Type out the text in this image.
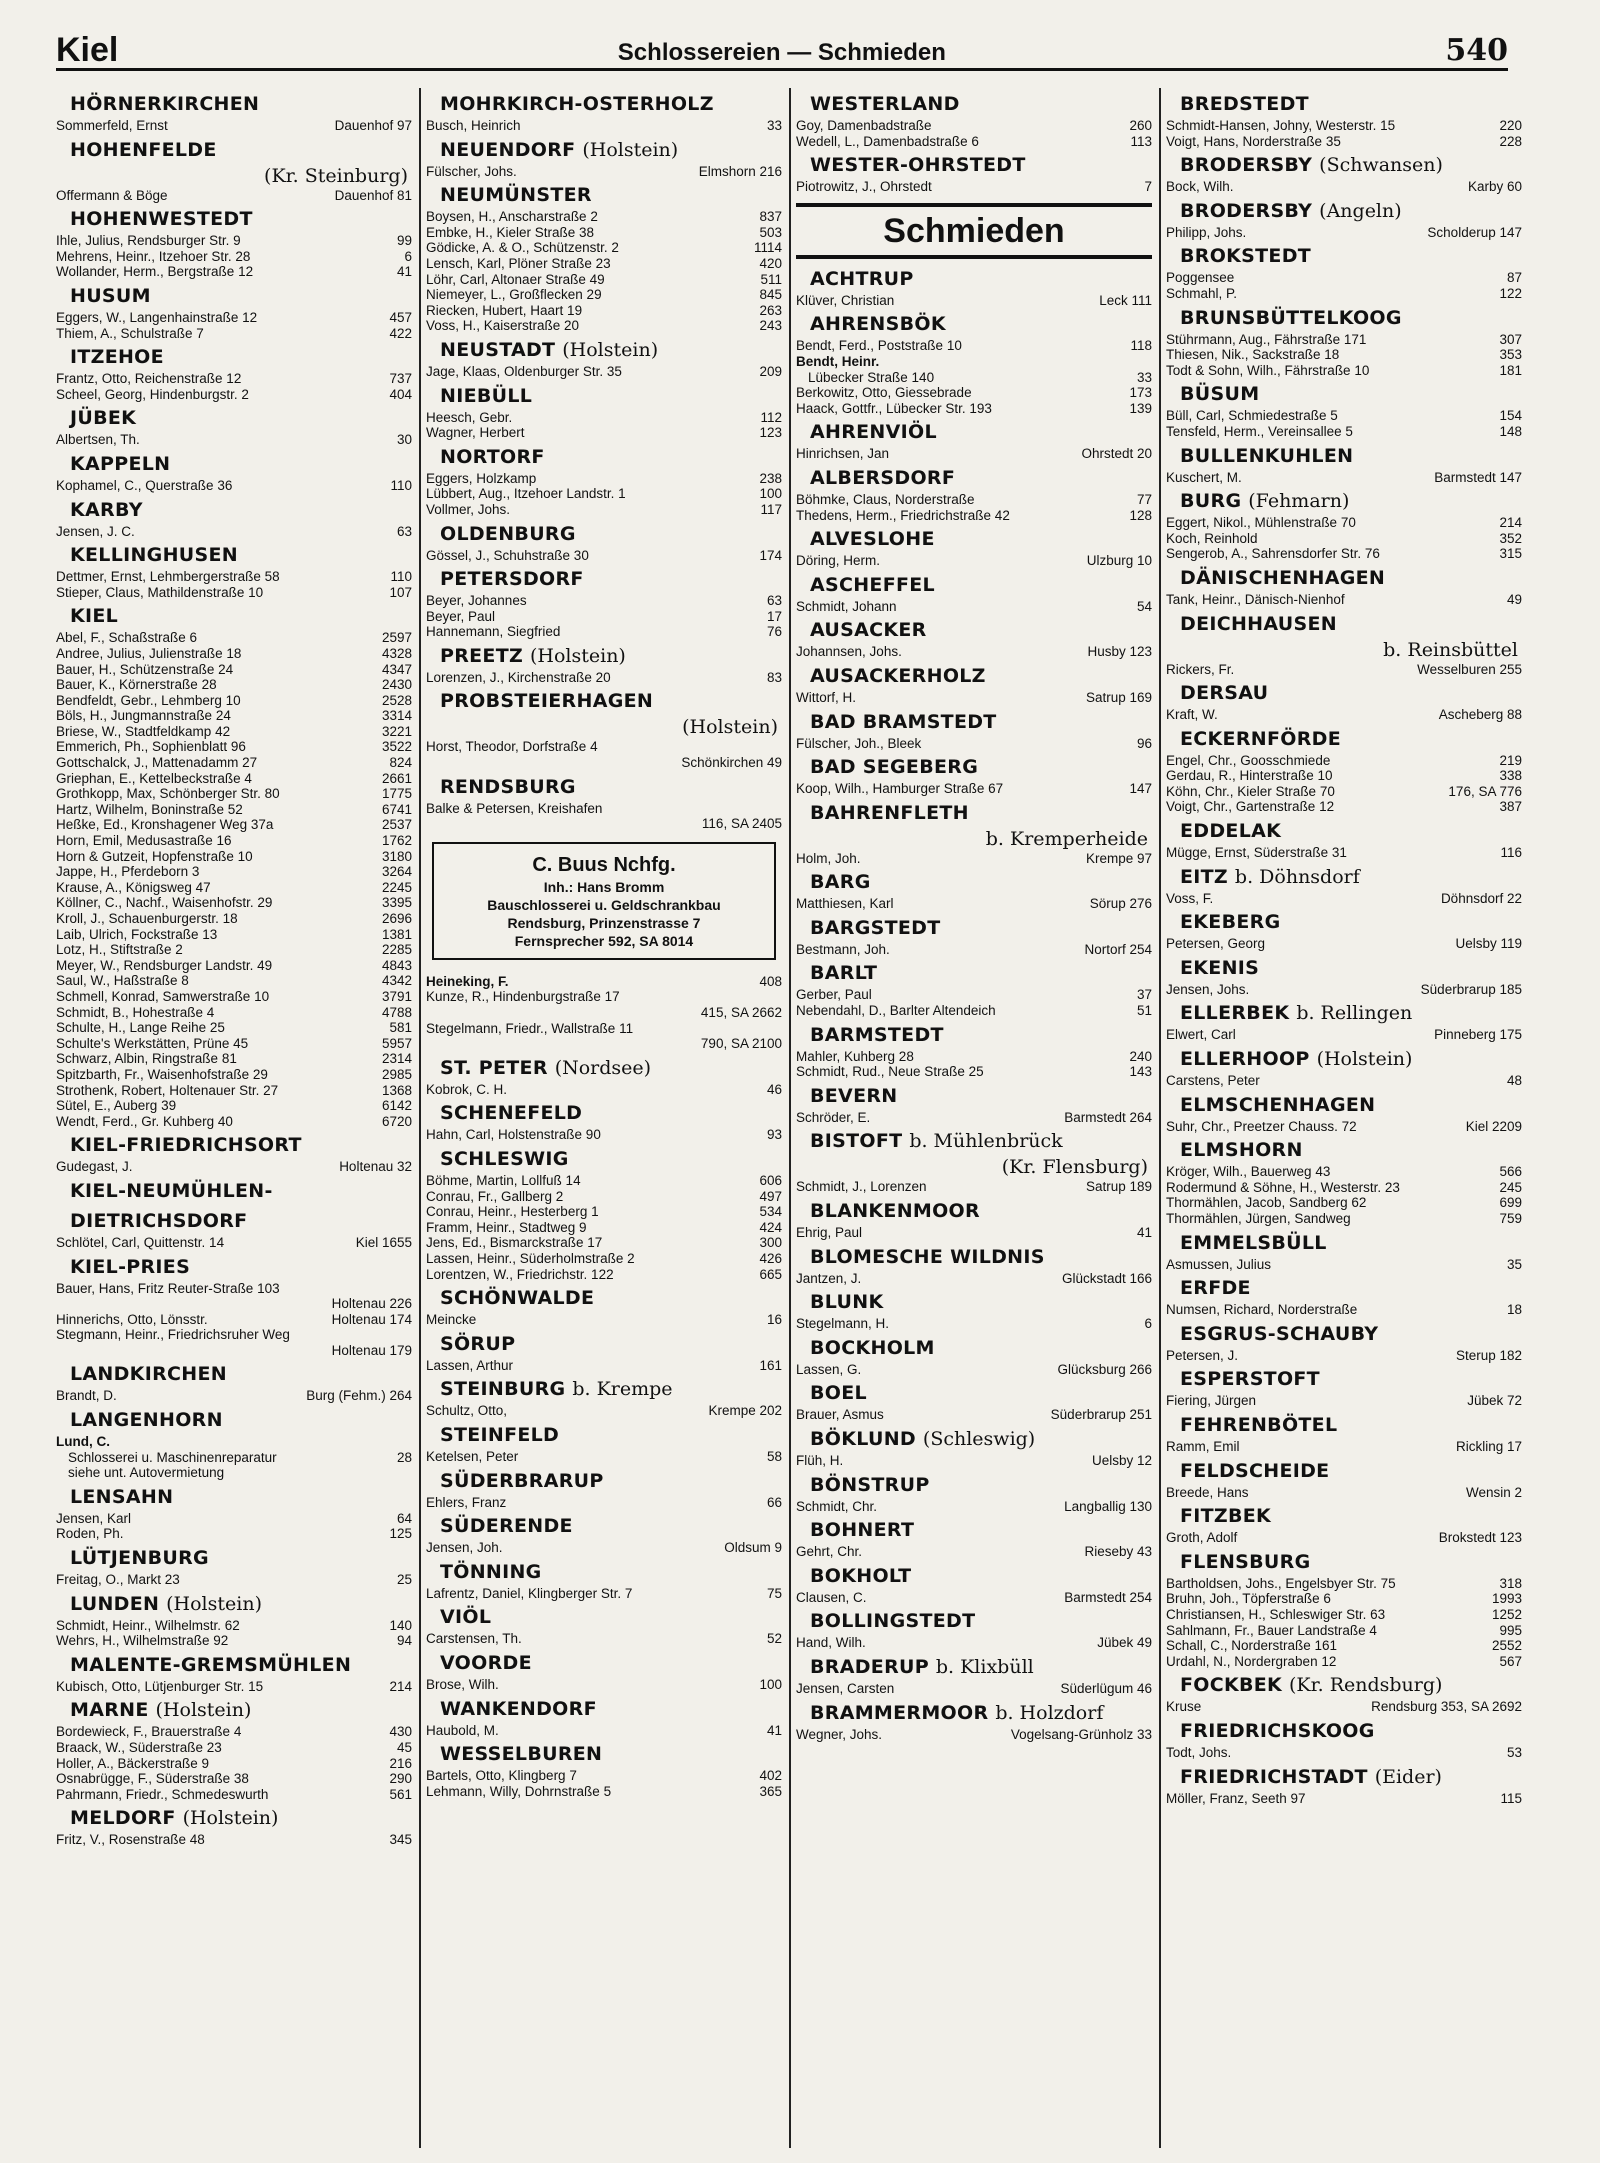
Kiel	Schlossereien — Schmieden	540
HÖRNERKIRCHEN
Sommerfeld, Ernst	Dauenhof 97
HOHENFELDE
(Kr. Steinburg)
Offermann & Böge	Dauenhof 81
HOHENWESTEDT
Ihle, Julius, Rendsburger Str. 9	99
Mehrens, Heinr., Itzehoer Str. 28	6
Wollander, Herm., Bergstraße 12	41
HUSUM
Eggers, W., Langenhainstraße 12	457
Thiem, A., Schulstraße 7	422
ITZEHOE
Frantz, Otto, Reichenstraße 12	737
Scheel, Georg, Hindenburgstr. 2	404
JÜBEK
Albertsen, Th.	30
KAPPELN
Kophamel, C., Querstraße 36	110
KARBY
Jensen, J. C.	63
KELLINGHUSEN
Dettmer, Ernst, Lehmbergerstraße 58	110
Stieper, Claus, Mathildenstraße 10	107
KIEL
Abel, F., Schaßstraße 6	2597
Andree, Julius, Julienstraße 18	4328
Bauer, H., Schützenstraße 24	4347
Bauer, K., Körnerstraße 28	2430
Bendfeldt, Gebr., Lehmberg 10	2528
Böls, H., Jungmannstraße 24	3314
Briese, W., Stadtfeldkamp 42	3221
Emmerich, Ph., Sophienblatt 96	3522
Gottschalck, J., Mattenadamm 27	824
Griephan, E., Kettelbeckstraße 4	2661
Grothkopp, Max, Schönberger Str. 80	1775
Hartz, Wilhelm, Boninstraße 52	6741
Heßke, Ed., Kronshagener Weg 37a	2537
Horn, Emil, Medusastraße 16	1762
Horn & Gutzeit, Hopfenstraße 10	3180
Jappe, H., Pferdeborn 3	3264
Krause, A., Königsweg 47	2245
Köllner, C., Nachf., Waisenhofstr. 29	3395
Kroll, J., Schauenburgerstr. 18	2696
Laib, Ulrich, Fockstraße 13	1381
Lotz, H., Stiftstraße 2	2285
Meyer, W., Rendsburger Landstr. 49	4843
Saul, W., Haßstraße 8	4342
Schmell, Konrad, Samwerstraße 10	3791
Schmidt, B., Hohestraße 4	4788
Schulte, H., Lange Reihe 25	581
Schulte's Werkstätten, Prüne 45	5957
Schwarz, Albin, Ringstraße 81	2314
Spitzbarth, Fr., Waisenhofstraße 29	2985
Strothenk, Robert, Holtenauer Str. 27	1368
Sütel, E., Auberg 39	6142
Wendt, Ferd., Gr. Kuhberg 40	6720
KIEL-FRIEDRICHSORT
Gudegast, J.	Holtenau 32
KIEL-NEUMÜHLEN-
DIETRICHSDORF
Schlötel, Carl, Quittenstr. 14	Kiel 1655
KIEL-PRIES
Bauer, Hans, Fritz Reuter-Straße 103
Holtenau 226
Hinnerichs, Otto, Lönsstr.	Holtenau 174
Stegmann, Heinr., Friedrichsruher Weg
Holtenau 179
LANDKIRCHEN
Brandt, D.	Burg (Fehm.) 264
LANGENHORN
Lund, C.
Schlosserei u. Maschinenreparatur	28
siehe unt. Autovermietung
LENSAHN
Jensen, Karl	64
Roden, Ph.	125
LÜTJENBURG
Freitag, O., Markt 23	25
LUNDEN (Holstein)
Schmidt, Heinr., Wilhelmstr. 62	140
Wehrs, H., Wilhelmstraße 92	94
MALENTE-GREMSMÜHLEN
Kubisch, Otto, Lütjenburger Str. 15	214
MARNE (Holstein)
Bordewieck, F., Brauerstraße 4	430
Braack, W., Süderstraße 23	45
Holler, A., Bäckerstraße 9	216
Osnabrügge, F., Süderstraße 38	290
Pahrmann, Friedr., Schmedeswurth	561
MELDORF (Holstein)
Fritz, V., Rosenstraße 48	345
MOHRKIRCH-OSTERHOLZ
Busch, Heinrich	33
NEUENDORF (Holstein)
Fülscher, Johs.	Elmshorn 216
NEUMÜNSTER
Boysen, H., Anscharstraße 2	837
Embke, H., Kieler Straße 38	503
Gödicke, A. & O., Schützenstr. 2	1114
Lensch, Karl, Plöner Straße 23	420
Löhr, Carl, Altonaer Straße 49	511
Niemeyer, L., Großflecken 29	845
Riecken, Hubert, Haart 19	263
Voss, H., Kaiserstraße 20	243
NEUSTADT (Holstein)
Jage, Klaas, Oldenburger Str. 35	209
NIEBÜLL
Heesch, Gebr.	112
Wagner, Herbert	123
NORTORF
Eggers, Holzkamp	238
Lübbert, Aug., Itzehoer Landstr. 1	100
Vollmer, Johs.	117
OLDENBURG
Gössel, J., Schuhstraße 30	174
PETERSDORF
Beyer, Johannes	63
Beyer, Paul	17
Hannemann, Siegfried	76
PREETZ (Holstein)
Lorenzen, J., Kirchenstraße 20	83
PROBSTEIERHAGEN
(Holstein)
Horst, Theodor, Dorfstraße 4
Schönkirchen 49
RENDSBURG
Balke & Petersen, Kreishafen
116, SA 2405
C. Buus Nchfg.
Inh.: Hans Bromm
Bauschlosserei u. Geldschrankbau
Rendsburg, Prinzenstrasse 7
Fernsprecher 592, SA 8014
Heineking, F.	408
Kunze, R., Hindenburgstraße 17
415, SA 2662
Stegelmann, Friedr., Wallstraße 11
790, SA 2100
ST. PETER (Nordsee)
Kobrok, C. H.	46
SCHENEFELD
Hahn, Carl, Holstenstraße 90	93
SCHLESWIG
Böhme, Martin, Lollfuß 14	606
Conrau, Fr., Gallberg 2	497
Conrau, Heinr., Hesterberg 1	534
Framm, Heinr., Stadtweg 9	424
Jens, Ed., Bismarckstraße 17	300
Lassen, Heinr., Süderholmstraße 2	426
Lorentzen, W., Friedrichstr. 122	665
SCHÖNWALDE
Meincke	16
SÖRUP
Lassen, Arthur	161
STEINBURG b. Krempe
Schultz, Otto,	Krempe 202
STEINFELD
Ketelsen, Peter	58
SÜDERBRARUP
Ehlers, Franz	66
SÜDERENDE
Jensen, Joh.	Oldsum 9
TÖNNING
Lafrentz, Daniel, Klingberger Str. 7	75
VIÖL
Carstensen, Th.	52
VOORDE
Brose, Wilh.	100
WANKENDORF
Haubold, M.	41
WESSELBUREN
Bartels, Otto, Klingberg 7	402
Lehmann, Willy, Dohrnstraße 5	365
WESTERLAND
Goy, Damenbadstraße	260
Wedell, L., Damenbadstraße 6	113
WESTER-OHRSTEDT
Piotrowitz, J., Ohrstedt	7
Schmieden
ACHTRUP
Klüver, Christian	Leck 111
AHRENSBÖK
Bendt, Ferd., Poststraße 10	118
Bendt, Heinr.
Lübecker Straße 140	33
Berkowitz, Otto, Giessebrade	173
Haack, Gottfr., Lübecker Str. 193	139
AHRENVIÖL
Hinrichsen, Jan	Ohrstedt 20
ALBERSDORF
Böhmke, Claus, Norderstraße	77
Thedens, Herm., Friedrichstraße 42	128
ALVESLOHE
Döring, Herm.	Ulzburg 10
ASCHEFFEL
Schmidt, Johann	54
AUSACKER
Johannsen, Johs.	Husby 123
AUSACKERHOLZ
Wittorf, H.	Satrup 169
BAD BRAMSTEDT
Fülscher, Joh., Bleek	96
BAD SEGEBERG
Koop, Wilh., Hamburger Straße 67	147
BAHRENFLETH
b. Kremperheide
Holm, Joh.	Krempe 97
BARG
Matthiesen, Karl	Sörup 276
BARGSTEDT
Bestmann, Joh.	Nortorf 254
BARLT
Gerber, Paul	37
Nebendahl, D., Barlter Altendeich	51
BARMSTEDT
Mahler, Kuhberg 28	240
Schmidt, Rud., Neue Straße 25	143
BEVERN
Schröder, E.	Barmstedt 264
BISTOFT b. Mühlenbrück
(Kr. Flensburg)
Schmidt, J., Lorenzen	Satrup 189
BLANKENMOOR
Ehrig, Paul	41
BLOMESCHE WILDNIS
Jantzen, J.	Glückstadt 166
BLUNK
Stegelmann, H.	6
BOCKHOLM
Lassen, G.	Glücksburg 266
BOEL
Brauer, Asmus	Süderbrarup 251
BÖKLUND (Schleswig)
Flüh, H.	Uelsby 12
BÖNSTRUP
Schmidt, Chr.	Langballig 130
BOHNERT
Gehrt, Chr.	Rieseby 43
BOKHOLT
Clausen, C.	Barmstedt 254
BOLLINGSTEDT
Hand, Wilh.	Jübek 49
BRADERUP b. Klixbüll
Jensen, Carsten	Süderlügum 46
BRAMMERMOOR b. Holzdorf
Wegner, Johs.	Vogelsang-Grünholz 33
BREDSTEDT
Schmidt-Hansen, Johny, Westerstr. 15	220
Voigt, Hans, Norderstraße 35	228
BRODERSBY (Schwansen)
Bock, Wilh.	Karby 60
BRODERSBY (Angeln)
Philipp, Johs.	Scholderup 147
BROKSTEDT
Poggensee	87
Schmahl, P.	122
BRUNSBÜTTELKOOG
Stührmann, Aug., Fährstraße 171	307
Thiesen, Nik., Sackstraße 18	353
Todt & Sohn, Wilh., Fährstraße 10	181
BÜSUM
Büll, Carl, Schmiedestraße 5	154
Tensfeld, Herm., Vereinsallee 5	148
BULLENKUHLEN
Kuschert, M.	Barmstedt 147
BURG (Fehmarn)
Eggert, Nikol., Mühlenstraße 70	214
Koch, Reinhold	352
Sengerob, A., Sahrensdorfer Str. 76	315
DÄNISCHENHAGEN
Tank, Heinr., Dänisch-Nienhof	49
DEICHHAUSEN
b. Reinsbüttel
Rickers, Fr.	Wesselburen 255
DERSAU
Kraft, W.	Ascheberg 88
ECKERNFÖRDE
Engel, Chr., Goosschmiede	219
Gerdau, R., Hinterstraße 10	338
Köhn, Chr., Kieler Straße 70	176, SA 776
Voigt, Chr., Gartenstraße 12	387
EDDELAK
Mügge, Ernst, Süderstraße 31	116
EITZ b. Döhnsdorf
Voss, F.	Döhnsdorf 22
EKEBERG
Petersen, Georg	Uelsby 119
EKENIS
Jensen, Johs.	Süderbrarup 185
ELLERBEK b. Rellingen
Elwert, Carl	Pinneberg 175
ELLERHOOP (Holstein)
Carstens, Peter	48
ELMSCHENHAGEN
Suhr, Chr., Preetzer Chauss. 72	Kiel 2209
ELMSHORN
Kröger, Wilh., Bauerweg 43	566
Rodermund & Söhne, H., Westerstr. 23	245
Thormählen, Jacob, Sandberg 62	699
Thormählen, Jürgen, Sandweg	759
EMMELSBÜLL
Asmussen, Julius	35
ERFDE
Numsen, Richard, Norderstraße	18
ESGRUS-SCHAUBY
Petersen, J.	Sterup 182
ESPERSTOFT
Fiering, Jürgen	Jübek 72
FEHRENBÖTEL
Ramm, Emil	Rickling 17
FELDSCHEIDE
Breede, Hans	Wensin 2
FITZBEK
Groth, Adolf	Brokstedt 123
FLENSBURG
Bartholdsen, Johs., Engelsbyer Str. 75	318
Bruhn, Joh., Töpferstraße 6	1993
Christiansen, H., Schleswiger Str. 63	1252
Sahlmann, Fr., Bauer Landstraße 4	995
Schall, C., Norderstraße 161	2552
Urdahl, N., Nordergraben 12	567
FOCKBEK (Kr. Rendsburg)
Kruse	Rendsburg 353, SA 2692
FRIEDRICHSKOOG
Todt, Johs.	53
FRIEDRICHSTADT (Eider)
Möller, Franz, Seeth 97	115
